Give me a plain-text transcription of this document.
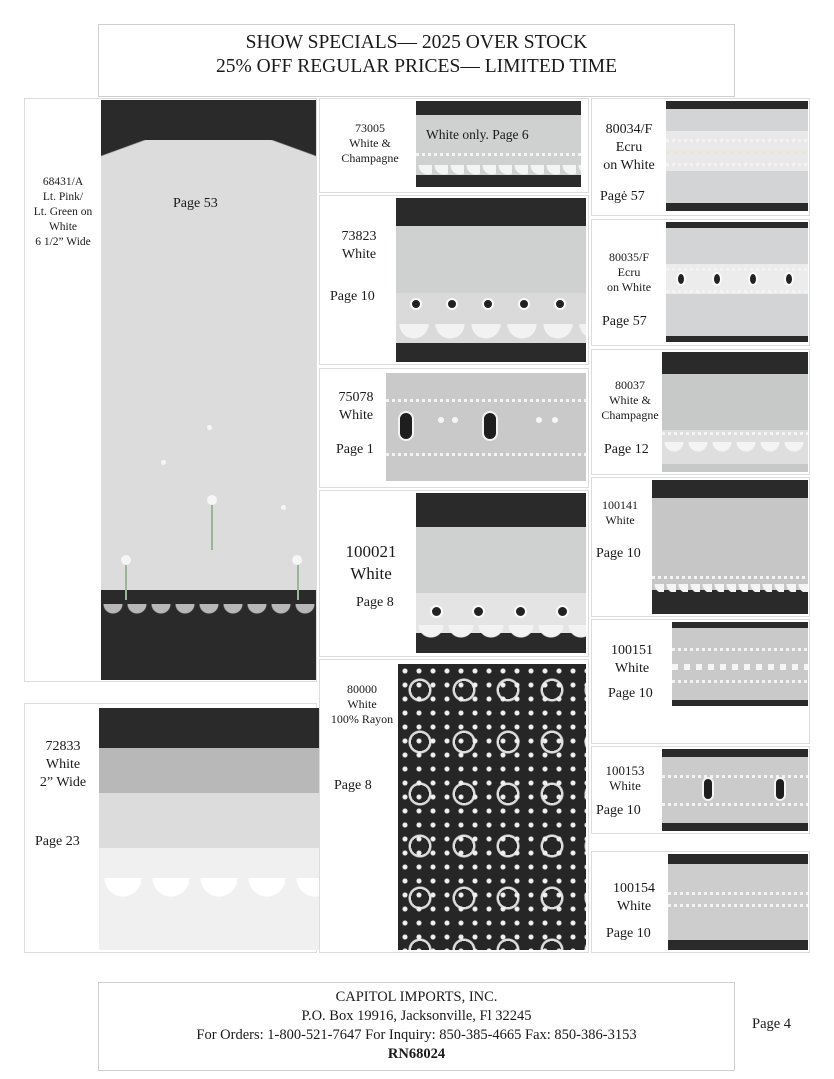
SHOW SPECIALS— 2025 OVER STOCK
25% OFF REGULAR PRICES— LIMITED TIME
68431/A
Lt. Pink/
Lt. Green on
White
6 1/2” Wide
Page 53
72833
White
2” Wide
Page 23
73005
White &
Champagne
White only. Page 6
73823
White
Page 10
75078
White
Page 1
100021
White
Page 8
80000
White
100% Rayon
Page 8
80034/F
Ecru
on White
Pagė 57
80035/F
Ecru
on White
Page 57
80037
White &
Champagne
Page 12
100141
White
Page 10
100151
White
Page 10
100153
White
Page 10
100154
White
Page 10
CAPITOL IMPORTS, INC.
P.O. Box 19916, Jacksonville, Fl 32245
For Orders: 1-800-521-7647 For Inquiry: 850-385-4665 Fax: 850-386-3153
RN68024
Page 4
